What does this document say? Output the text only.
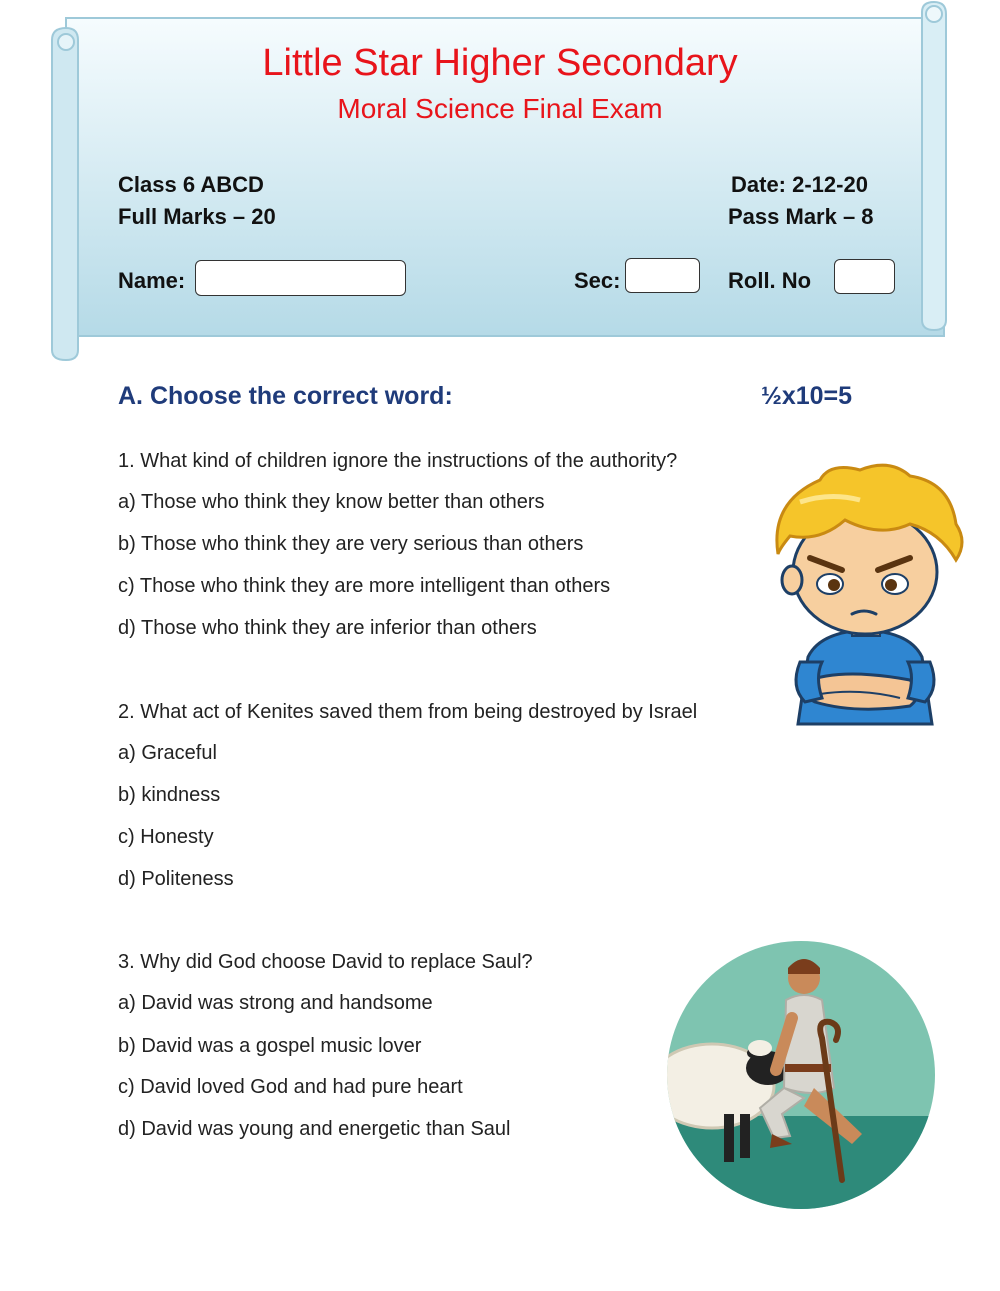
Little Star Higher Secondary
Moral Science Final Exam
Class 6 ABCD	Date: 2-12-20
Full Marks – 20	Pass Mark – 8
Name:	Sec:	Roll. No
A. Choose the correct word:	½x10=5
1. What kind of children ignore the instructions of the authority?
a) Those who think they know better than others
b) Those who think they are very serious than others
c) Those who think they are more intelligent than others
d) Those who think they are inferior than others
2. What act of Kenites saved them from being destroyed by Israel
a) Graceful
b) kindness
c) Honesty
d) Politeness
3. Why did God choose David to replace Saul?
a) David was strong and handsome
b) David was a gospel music lover
c) David loved God and had pure heart
d) David was young and energetic than Saul
